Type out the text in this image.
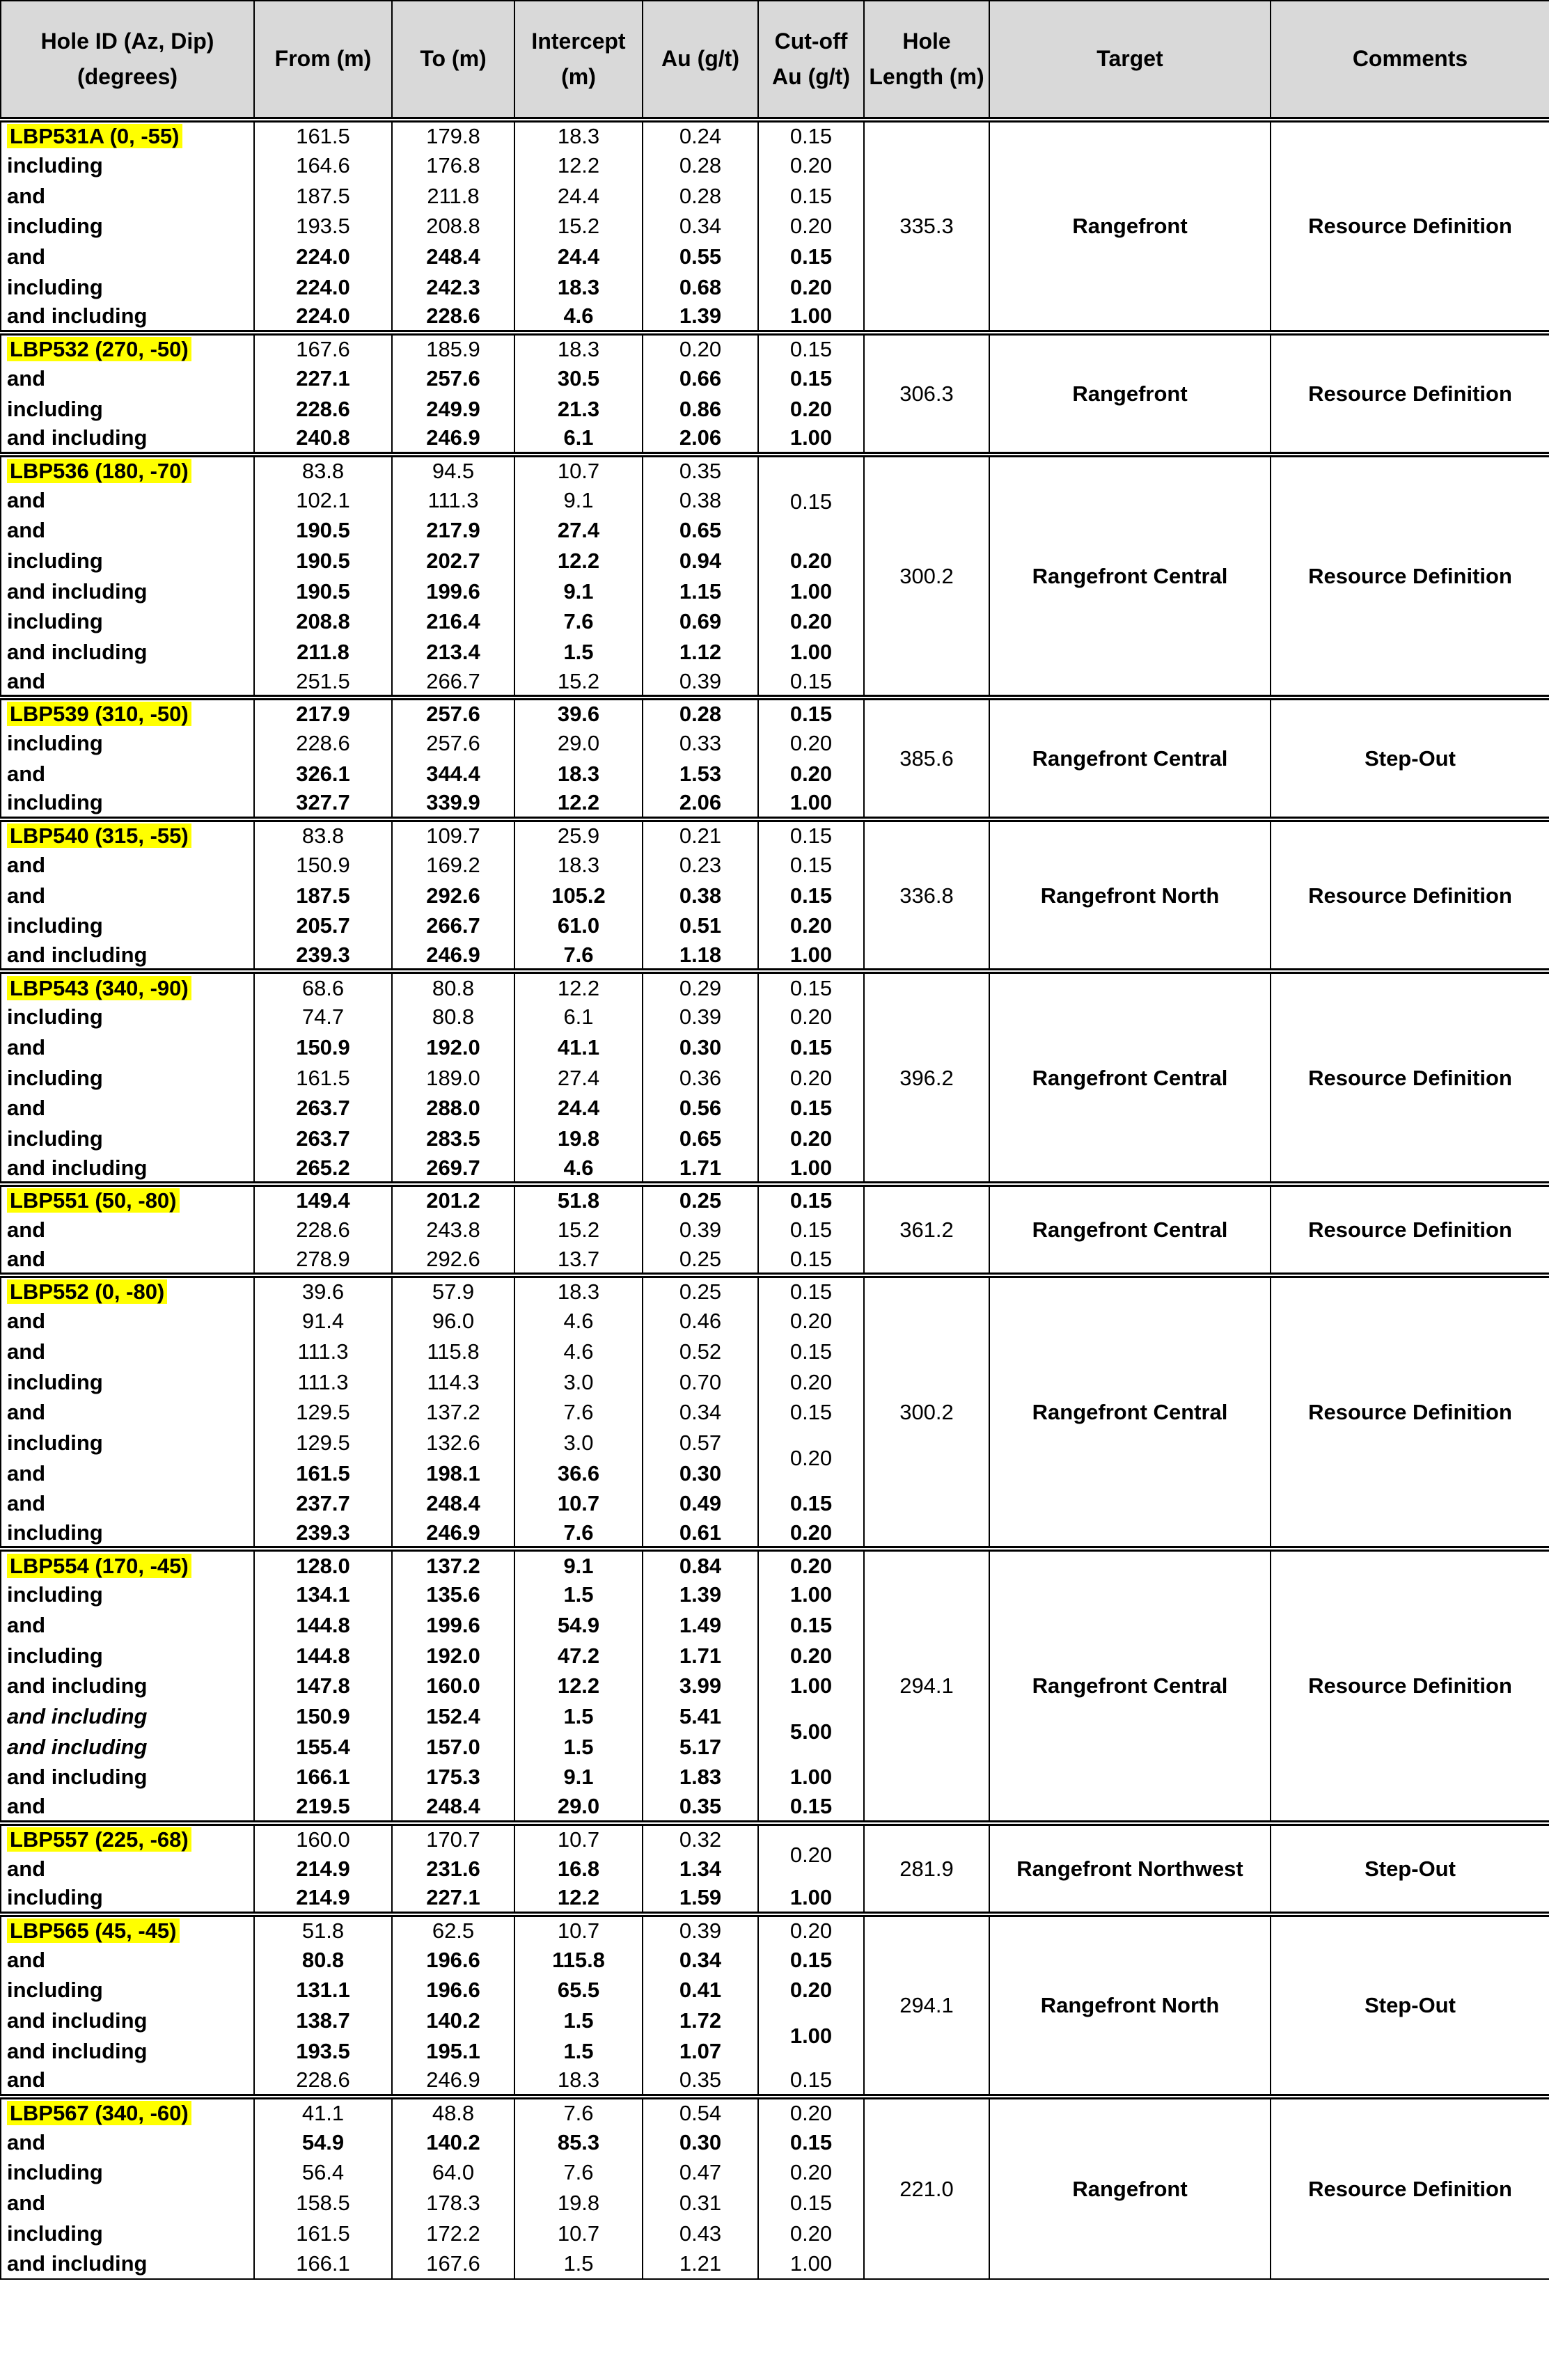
Hole ID (Az, Dip) (degrees)	From (m)	To (m)	Intercept (m)	Au (g/t)	Cut-off Au (g/t)	Hole Length (m)	Target	Comments
LBP531A (0, -55)	161.5	179.8	18.3	0.24	0.15	335.3	Rangefront	Resource Definition
including	164.6	176.8	12.2	0.28	0.20			
and	187.5	211.8	24.4	0.28	0.15			
including	193.5	208.8	15.2	0.34	0.20			
and	224.0	248.4	24.4	0.55	0.15			
including	224.0	242.3	18.3	0.68	0.20			
and including	224.0	228.6	4.6	1.39	1.00			
LBP532 (270, -50)	167.6	185.9	18.3	0.20	0.15	306.3	Rangefront	Resource Definition
and	227.1	257.6	30.5	0.66	0.15			
including	228.6	249.9	21.3	0.86	0.20			
and including	240.8	246.9	6.1	2.06	1.00			
LBP536 (180, -70)	83.8	94.5	10.7	0.35	0.15	300.2	Rangefront Central	Resource Definition
and	102.1	111.3	9.1	0.38				
and	190.5	217.9	27.4	0.65				
including	190.5	202.7	12.2	0.94	0.20			
and including	190.5	199.6	9.1	1.15	1.00			
including	208.8	216.4	7.6	0.69	0.20			
and including	211.8	213.4	1.5	1.12	1.00			
and	251.5	266.7	15.2	0.39	0.15			
LBP539 (310, -50)	217.9	257.6	39.6	0.28	0.15	385.6	Rangefront Central	Step-Out
including	228.6	257.6	29.0	0.33	0.20			
and	326.1	344.4	18.3	1.53	0.20			
including	327.7	339.9	12.2	2.06	1.00			
LBP540 (315, -55)	83.8	109.7	25.9	0.21	0.15	336.8	Rangefront North	Resource Definition
and	150.9	169.2	18.3	0.23	0.15			
and	187.5	292.6	105.2	0.38	0.15			
including	205.7	266.7	61.0	0.51	0.20			
and including	239.3	246.9	7.6	1.18	1.00			
LBP543 (340, -90)	68.6	80.8	12.2	0.29	0.15	396.2	Rangefront Central	Resource Definition
including	74.7	80.8	6.1	0.39	0.20			
and	150.9	192.0	41.1	0.30	0.15			
including	161.5	189.0	27.4	0.36	0.20			
and	263.7	288.0	24.4	0.56	0.15			
including	263.7	283.5	19.8	0.65	0.20			
and including	265.2	269.7	4.6	1.71	1.00			
LBP551 (50, -80)	149.4	201.2	51.8	0.25	0.15	361.2	Rangefront Central	Resource Definition
and	228.6	243.8	15.2	0.39	0.15			
and	278.9	292.6	13.7	0.25	0.15			
LBP552 (0, -80)	39.6	57.9	18.3	0.25	0.15	300.2	Rangefront Central	Resource Definition
and	91.4	96.0	4.6	0.46	0.20			
and	111.3	115.8	4.6	0.52	0.15			
including	111.3	114.3	3.0	0.70	0.20			
and	129.5	137.2	7.6	0.34	0.15			
including	129.5	132.6	3.0	0.57	0.20			
and	161.5	198.1	36.6	0.30				
and	237.7	248.4	10.7	0.49	0.15			
including	239.3	246.9	7.6	0.61	0.20			
LBP554 (170, -45)	128.0	137.2	9.1	0.84	0.20	294.1	Rangefront Central	Resource Definition
including	134.1	135.6	1.5	1.39	1.00			
and	144.8	199.6	54.9	1.49	0.15			
including	144.8	192.0	47.2	1.71	0.20			
and including	147.8	160.0	12.2	3.99	1.00			
and including	150.9	152.4	1.5	5.41	5.00			
and including	155.4	157.0	1.5	5.17				
and including	166.1	175.3	9.1	1.83	1.00			
and	219.5	248.4	29.0	0.35	0.15			
LBP557 (225, -68)	160.0	170.7	10.7	0.32	0.20	281.9	Rangefront Northwest	Step-Out
and	214.9	231.6	16.8	1.34				
including	214.9	227.1	12.2	1.59	1.00			
LBP565 (45, -45)	51.8	62.5	10.7	0.39	0.20	294.1	Rangefront North	Step-Out
and	80.8	196.6	115.8	0.34	0.15			
including	131.1	196.6	65.5	0.41	0.20			
and including	138.7	140.2	1.5	1.72	1.00			
and including	193.5	195.1	1.5	1.07				
and	228.6	246.9	18.3	0.35	0.15			
LBP567 (340, -60)	41.1	48.8	7.6	0.54	0.20	221.0	Rangefront	Resource Definition
and	54.9	140.2	85.3	0.30	0.15			
including	56.4	64.0	7.6	0.47	0.20			
and	158.5	178.3	19.8	0.31	0.15			
including	161.5	172.2	10.7	0.43	0.20			
and including	166.1	167.6	1.5	1.21	1.00			
